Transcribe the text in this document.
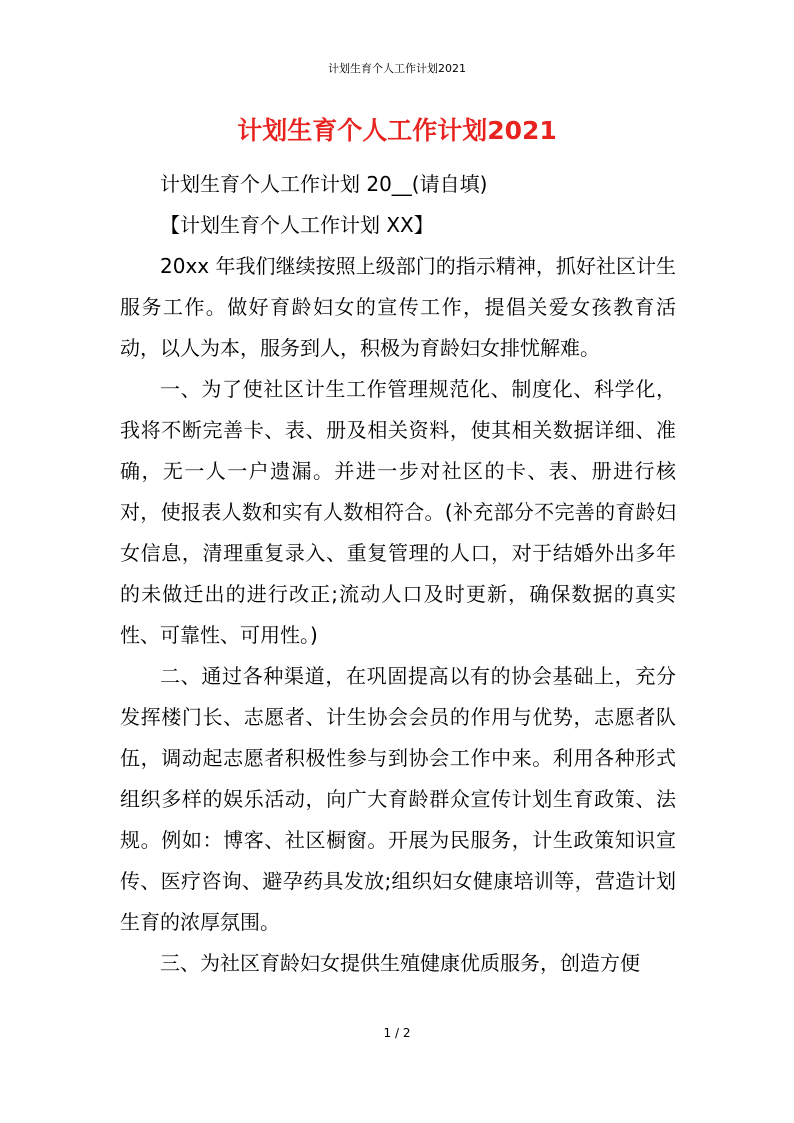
计划生育个人工作计划2021
计划生育个人工作计划2021

计划生育个人工作计划 20__(请自填)

【计划生育个人工作计划 XX】

20xx 年我们继续按照上级部门的指示精神，抓好社区计生服务工作。做好育龄妇女的宣传工作，提倡关爱女孩教育活动，以人为本，服务到人，积极为育龄妇女排忧解难。

一、为了使社区计生工作管理规范化、制度化、科学化，我将不断完善卡、表、册及相关资料，使其相关数据详细、准确，无一人一户遗漏。并进一步对社区的卡、表、册进行核对，使报表人数和实有人数相符合。(补充部分不完善的育龄妇女信息，清理重复录入、重复管理的人口，对于结婚外出多年的未做迁出的进行改正;流动人口及时更新，确保数据的真实性、可靠性、可用性。)

二、通过各种渠道，在巩固提高以有的协会基础上，充分发挥楼门长、志愿者、计生协会会员的作用与优势，志愿者队伍，调动起志愿者积极性参与到协会工作中来。利用各种形式组织多样的娱乐活动，向广大育龄群众宣传计划生育政策、法规。例如：博客、社区橱窗。开展为民服务，计生政策知识宣传、医疗咨询、避孕药具发放;组织妇女健康培训等，营造计划生育的浓厚氛围。

三、为社区育龄妇女提供生殖健康优质服务，创造方便

1 / 2
